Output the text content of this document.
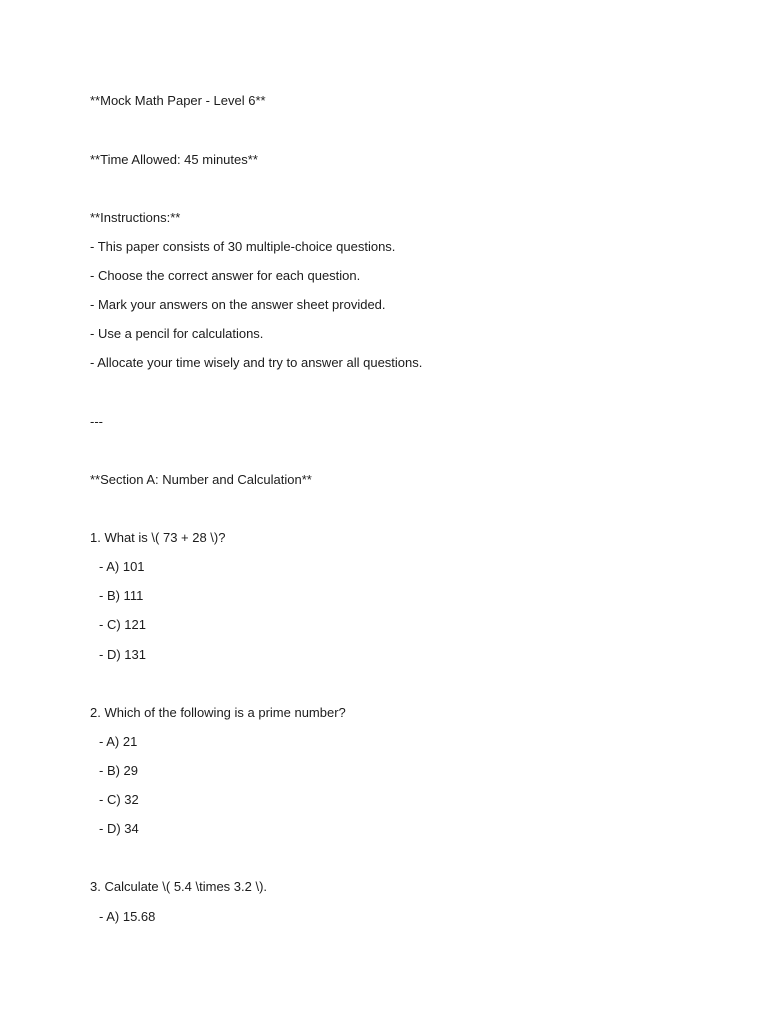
**Mock Math Paper - Level 6**
**Time Allowed: 45 minutes**
**Instructions:**
- This paper consists of 30 multiple-choice questions.
- Choose the correct answer for each question.
- Mark your answers on the answer sheet provided.
- Use a pencil for calculations.
- Allocate your time wisely and try to answer all questions.
---
**Section A: Number and Calculation**
1. What is \( 73 + 28 \)?
- A) 101
- B) 111
- C) 121
- D) 131
2. Which of the following is a prime number?
- A) 21
- B) 29
- C) 32
- D) 34
3. Calculate \( 5.4 \times 3.2 \).
- A) 15.68
